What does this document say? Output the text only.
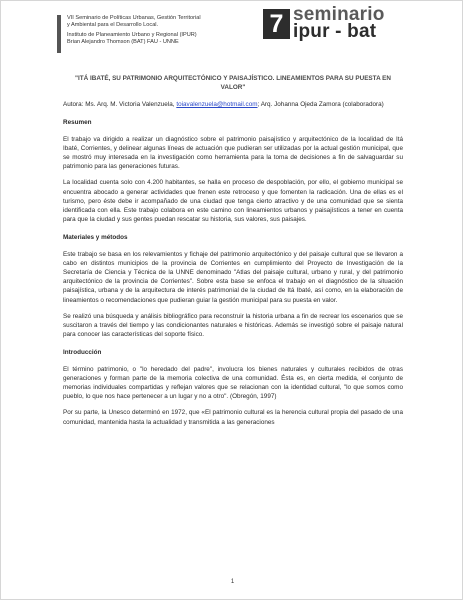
VII Seminario de Políticas Urbanas, Gestión Territorial

y Ambiental para el Desarrollo Local.

Instituto de Planeamiento Urbano y Regional (IPUR)

Brian Alejandro Thomson (BAT) FAU - UNNE

7 seminario
ipur - bat
"ITÁ IBATÉ, SU PATRIMONIO ARQUITECTÓNICO Y PAISAJÍSTICO. LINEAMIENTOS PARA SU PUESTA EN VALOR"
Autora: Ms. Arq. M. Victoria Valenzuela, toiavalenzuela@hotmail.com; Arq. Johanna Ojeda Zamora (colaboradora)
Resumen

El trabajo va dirigido a realizar un diagnóstico sobre el patrimonio paisajístico y arquitectónico de la localidad de Itá Ibaté, Corrientes, y delinear algunas líneas de actuación que pudieran ser utilizadas por la actual gestión municipal, que se mostró muy interesada en la investigación como herramienta para la toma de decisiones a fin de salvaguardar su patrimonio para las generaciones futuras.

La localidad cuenta solo con 4.200 habitantes, se halla en proceso de despoblación, por ello, el gobierno municipal se encuentra abocado a generar actividades que frenen este retroceso y que fomenten la radicación. Una de ellas es el turismo, pero éste debe ir acompañado de una ciudad que tenga cierto atractivo y de una comunidad que se sienta identificada con ella. Este trabajo colabora en este camino con lineamientos urbanos y paisajísticos a tener en cuenta para que la ciudad y sus gentes puedan rescatar su historia, sus valores, sus paisajes.

Materiales y métodos

Este trabajo se basa en los relevamientos y fichaje del patrimonio arquitectónico y del paisaje cultural que se llevaron a cabo en distintos municipios de la provincia de Corrientes en cumplimiento del Proyecto de Investigación de la Secretaría de Ciencia y Técnica de la UNNE denominado "Atlas del paisaje cultural, urbano y rural, y del patrimonio arquitectónico de la provincia de Corrientes". Sobre esta base se enfoca el trabajo en el diagnóstico de la situación paisajística, urbana y de la arquitectura de interés patrimonial de la ciudad de Itá Ibaté, así como, en la elaboración de lineamientos o recomendaciones que pudieran guiar la gestión municipal para su puesta en valor.

Se realizó una búsqueda y análisis bibliográfico para reconstruir la historia urbana a fin de recrear los escenarios que se suscitaron a través del tiempo y las condicionantes naturales e históricas. Además se investigó sobre el paisaje natural para conocer las características del soporte físico.

Introducción

El término patrimonio, o "lo heredado del padre", involucra los bienes naturales y culturales recibidos de otras generaciones y forman parte de la memoria colectiva de una comunidad. Ésta es, en cierta medida, el conjunto de memorias individuales compartidas y reflejan valores que se relacionan con la identidad cultural, "lo que somos como pueblo, lo que nos hace pertenecer a un lugar y no a otro". (Obregón, 1997)

Por su parte, la Unesco determinó en 1972, que «El patrimonio cultural es la herencia cultural propia del pasado de una comunidad, mantenida hasta la actualidad y transmitida a las generaciones

1
